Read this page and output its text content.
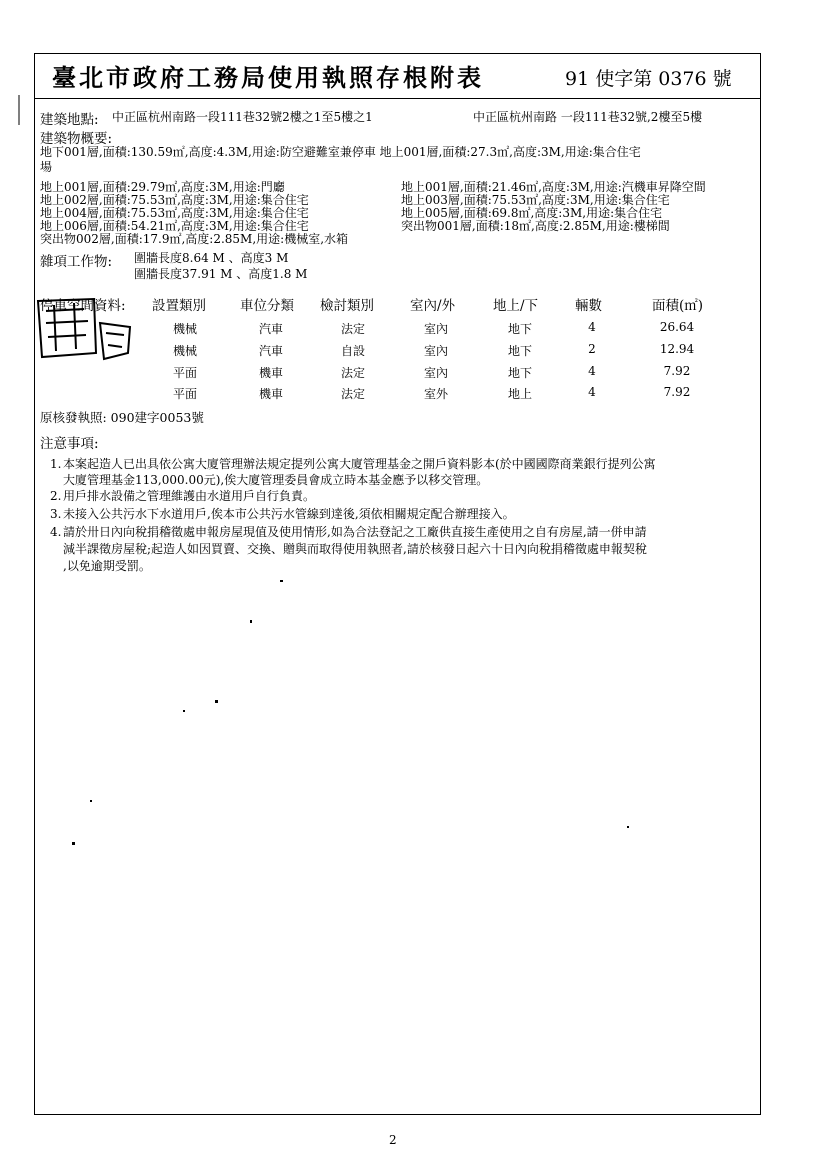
臺北市政府工務局使用執照存根附表	91 使字第 0376 號
建築地點: 中正區杭州南路一段111巷32號2樓之1至5樓之1	中正區杭州南路 一段111巷32號,2樓至5樓
建築物概要:
地下001層,面積:130.59㎡,高度:4.3M,用途:防空避難室兼停車 地上001層,面積:27.3㎡,高度:3M,用途:集合住宅
場
地上001層,面積:29.79㎡,高度:3M,用途:門廳
地上002層,面積:75.53㎡,高度:3M,用途:集合住宅
地上004層,面積:75.53㎡,高度:3M,用途:集合住宅
地上006層,面積:54.21㎡,高度:3M,用途:集合住宅
突出物002層,面積:17.9㎡,高度:2.85M,用途:機械室,水箱
地上001層,面積:21.46㎡,高度:3M,用途:汽機車昇降空間
地上003層,面積:75.53㎡,高度:3M,用途:集合住宅
地上005層,面積:69.8㎡,高度:3M,用途:集合住宅
突出物001層,面積:18㎡,高度:2.85M,用途:樓梯間
雜項工作物: 圍牆長度8.64 M 、高度3 M
圍牆長度37.91 M 、高度1.8 M
停車空間資料: 設置類別	車位分類 檢討類別	室內/外	地上/下	輛數	面積(㎡)
機械	汽車	法定	室內	地下	4	26.64
機械	汽車	自設	室內	地下	2	12.94
平面	機車	法定	室內	地下	4	7.92
平面	機車	法定	室外	地上	4	7.92
原核發執照: 090建字0053號
注意事項:
1. 本案起造人已出具依公寓大廈管理辦法規定提列公寓大廈管理基金之開戶資料影本(於中國國際商業銀行提列公寓
大廈管理基金113,000.00元),俟大廈管理委員會成立時本基金應予以移交管理。
2. 用戶排水設備之管理維護由水道用戶自行負責。
3. 未接入公共污水下水道用戶,俟本市公共污水管線到達後,須依相關規定配合辦理接入。
4. 請於卅日內向稅捐稽徵處申報房屋現值及使用情形,如為合法登記之工廠供直接生產使用之自有房屋,請一併申請
減半課徵房屋稅;起造人如因買賣、交換、贈與而取得使用執照者,請於核發日起六十日內向稅捐稽徵處申報契稅
,以免逾期受罰。
2
